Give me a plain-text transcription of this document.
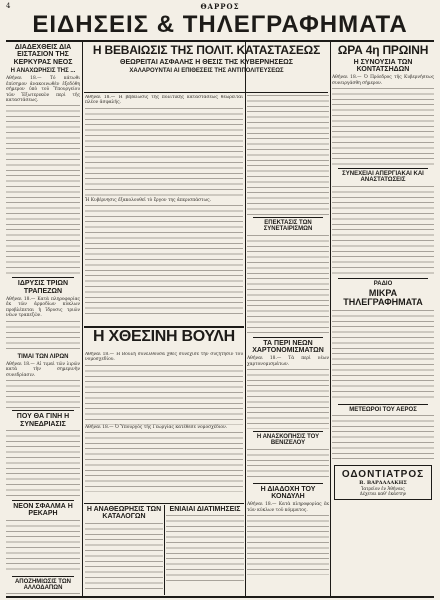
4	ΘΑΡΡΟΣ
ΕΙΔΗΣΕΙΣ & ΤΗΛΕΓΡΑΦΗΜΑΤΑ
ΔΙΑΔΕΧΘΕΙΣ ΔΙΑ ΕΙΣΤΑΣΙΟΝ ΤΗΣ ΚΕΡΚΥΡΑΣ ΝΕΟΣ
Η ΑΝΑΧΩΡΗΣΙΣ ΤΗΣ ...
Αθήναι 18.— Τό κάτωθι ἐπίσημον ἀνακοινωθὲν ἐξεδόθη σήμερον ὑπὸ τοῦ Ὑπουργείου τῶν Ἐξωτερικῶν περὶ τῆς καταστάσεως.
ΙΔΡΥΣΙΣ ΤΡΙΩΝ ΤΡΑΠΕΖΩΝ
Αθήναι 18.— Κατὰ πληροφορίας ἐκ τῶν ἁρμοδίων κύκλων προβλέπεται ἡ ἵδρυσις τριῶν νέων τραπεζῶν.
ΤΙΜΑΙ ΤΩΝ ΛΙΡΩΝ
Αθήναι 18.— Αἱ τιμαὶ τῶν λιρῶν κατὰ τὴν σημερινὴν συνεδρίασιν.
ΠΟΥ ΘΑ ΓΙΝΗ Η ΣΥΝΕΔΡΙΑΣΙΣ
ΝΕΟΝ ΣΦΑΛΜΑ Η ΡΕΚΑΡΗ
ΑΠΟΖΗΜΙΩΣΙΣ ΤΩΝ ΑΛΛΟΔΑΠΩΝ
Η ΒΕΒΑΙΩΣΙΣ ΤΗΣ ΠΟΛΙΤ. ΚΑΤΑΣΤΑΣΕΩΣ
ΘΕΩΡΕΙΤΑΙ ΑΣΦΑΛΗΣ Η ΘΕΣΙΣ ΤΗΣ ΚΥΒΕΡΝΗΣΕΩΣ
ΧΑΛΑΡΟΥΝΤΑΙ ΑΙ ΕΠΙΘΕΣΕΙΣ ΤΗΣ ΑΝΤΙΠΟΛΙΤΕΥΣΕΩΣ
Αθήναι 18.— Ἡ βεβαίωσις τῆς πολιτικῆς καταστάσεως θεωρεῖται πλέον ἀσφαλής.
Ἡ Κυβέρνησις ἐξακολουθεῖ τὸ ἔργον της ἀπερισπάστως.
Η ΧΘΕΣΙΝΗ ΒΟΥΛΗ
Αθήναι 18.— Ἡ Βουλὴ συνελθοῦσα χθὲς συνέχισε τὴν συζήτησιν τοῦ νομοσχεδίου.
Αθήναι 18.— Ὁ Ὑπουργὸς τῆς Γεωργίας κατέθεσε νομοσχέδιον.
Η ΑΝΑΘΕΩΡΗΣΙΣ ΤΩΝ ΚΑΤΑΛΟΓΩΝ
ΕΝΙΑΙΑΙ ΔΙΑΤΙΜΗΣΕΙΣ
ΕΠΕΚΤΑΣΙΣ ΤΩΝ ΣΥΝΕΤΑΙΡΙΣΜΩΝ
ΤΑ ΠΕΡΙ ΝΕΩΝ ΧΑΡΤΟΝΟΜΙΣΜΑΤΩΝ
Αθήναι 18.— Τὰ περὶ νέων χαρτονομισμάτων.
Η ΑΝΑΣΚΟΠΗΣΙΣ ΤΟΥ ΒΕΝΙΖΕΛΟΥ
Η ΔΙΑΔΟΧΗ ΤΟΥ ΚΟΝΔΥΛΗ
Αθήναι 18.— Κατὰ πληροφορίας ἐκ τῶν κύκλων τοῦ κόμματος.
ΩΡΑ 4η ΠΡΩΙΝΗ
Η ΣΥΝΟΥΣΙΑ ΤΩΝ ΚΟΝΤΑΤΣΗΔΩΝ
Αθήναι 18.— Ὁ Πρόεδρος τῆς Κυβερνήσεως συνειργάσθη σήμερον.
ΣΥΝΕΧΕΙΑΙ ΑΠΕΡΓΙΑΚΑΙ ΚΑΙ ΑΝΑΣΤΑΤΩΣΕΙΣ
ΡΑΔΙΟ
ΜΙΚΡΑ ΤΗΛΕΓΡΑΦΗΜΑΤΑ
ΜΕΤΕΩΡΟΙ ΤΟΥ ΑΕΡΟΣ
ΟΔΟΝΤΙΑΤΡΟΣ
Β. ΒΑΡΔΑΛΑΚΗΣ
Ἰατρεῖον ἐν Ἀθήναις
Δέχεται καθ' ἑκάστην
